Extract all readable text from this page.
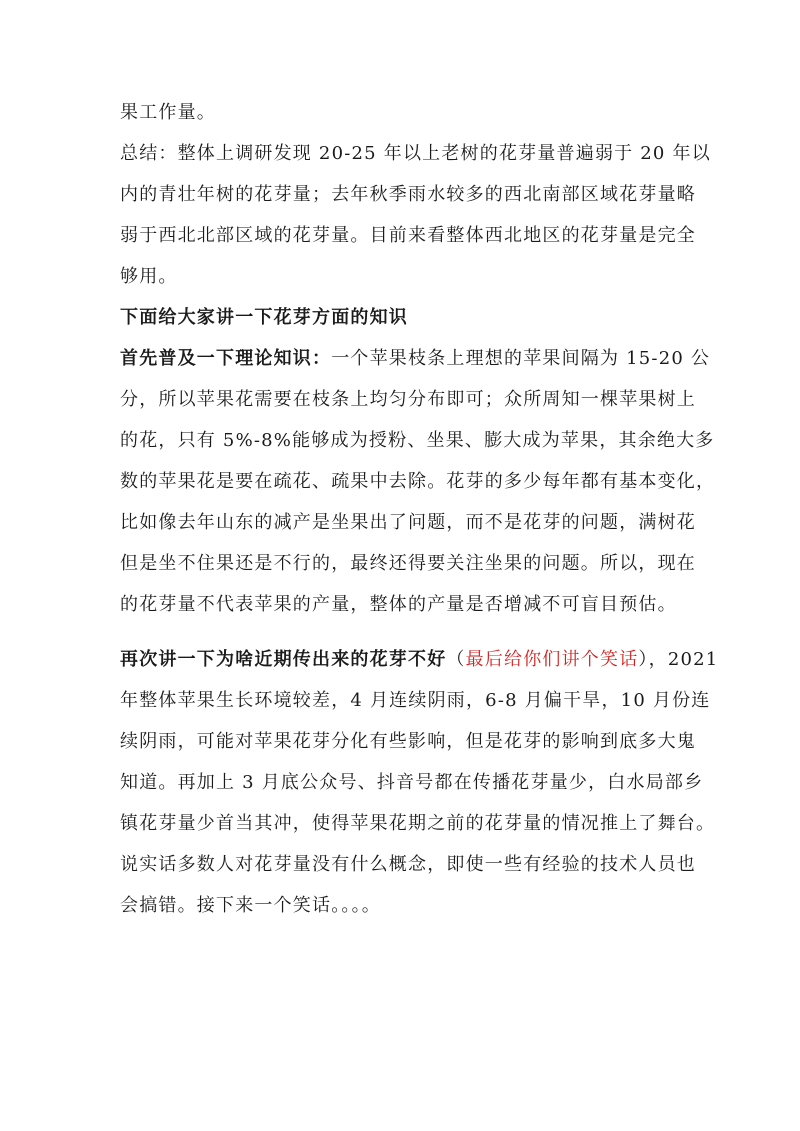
果工作量。
总结：整体上调研发现 20-25 年以上老树的花芽量普遍弱于 20 年以
内的青壮年树的花芽量；去年秋季雨水较多的西北南部区域花芽量略
弱于西北北部区域的花芽量。目前来看整体西北地区的花芽量是完全
够用。
下面给大家讲一下花芽方面的知识
首先普及一下理论知识：一个苹果枝条上理想的苹果间隔为 15-20 公
分，所以苹果花需要在枝条上均匀分布即可；众所周知一棵苹果树上
的花，只有 5%-8%能够成为授粉、坐果、膨大成为苹果，其余绝大多
数的苹果花是要在疏花、疏果中去除。花芽的多少每年都有基本变化，
比如像去年山东的减产是坐果出了问题，而不是花芽的问题，满树花
但是坐不住果还是不行的，最终还得要关注坐果的问题。所以，现在
的花芽量不代表苹果的产量，整体的产量是否增减不可盲目预估。
再次讲一下为啥近期传出来的花芽不好（最后给你们讲个笑话），2021
年整体苹果生长环境较差，4 月连续阴雨，6-8 月偏干旱，10 月份连
续阴雨，可能对苹果花芽分化有些影响，但是花芽的影响到底多大鬼
知道。再加上 3 月底公众号、抖音号都在传播花芽量少，白水局部乡
镇花芽量少首当其冲，使得苹果花期之前的花芽量的情况推上了舞台。
说实话多数人对花芽量没有什么概念，即使一些有经验的技术人员也
会搞错。接下来一个笑话。。。。
